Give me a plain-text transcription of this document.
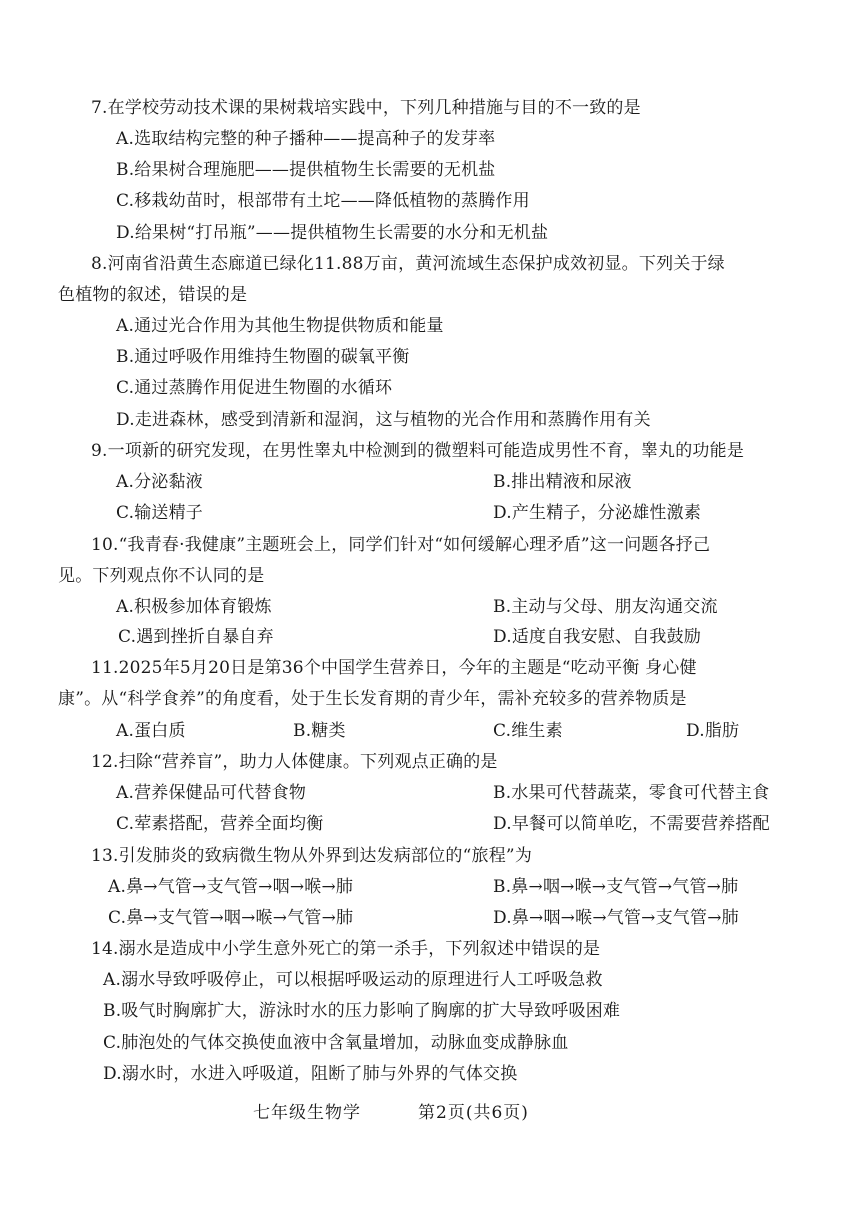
7.在学校劳动技术课的果树栽培实践中，下列几种措施与目的不一致的是
A.选取结构完整的种子播种——提高种子的发芽率
B.给果树合理施肥——提供植物生长需要的无机盐
C.移栽幼苗时，根部带有土坨——降低植物的蒸腾作用
D.给果树“打吊瓶”——提供植物生长需要的水分和无机盐
8.河南省沿黄生态廊道已绿化11.88万亩，黄河流域生态保护成效初显。下列关于绿
色植物的叙述，错误的是
A.通过光合作用为其他生物提供物质和能量
B.通过呼吸作用维持生物圈的碳氧平衡
C.通过蒸腾作用促进生物圈的水循环
D.走进森林，感受到清新和湿润，这与植物的光合作用和蒸腾作用有关
9.一项新的研究发现，在男性睾丸中检测到的微塑料可能造成男性不育，睾丸的功能是
A.分泌黏液	B.排出精液和尿液
C.输送精子	D.产生精子，分泌雄性激素
10.“我青春·我健康”主题班会上，同学们针对“如何缓解心理矛盾”这一问题各抒己
见。下列观点你不认同的是
A.积极参加体育锻炼	B.主动与父母、朋友沟通交流
C.遇到挫折自暴自弃	D.适度自我安慰、自我鼓励
11.2025年5月20日是第36个中国学生营养日，今年的主题是“吃动平衡 身心健
康”。从“科学食养”的角度看，处于生长发育期的青少年，需补充较多的营养物质是
A.蛋白质	B.糖类	C.维生素	D.脂肪
12.扫除“营养盲”，助力人体健康。下列观点正确的是
A.营养保健品可代替食物	B.水果可代替蔬菜，零食可代替主食
C.荤素搭配，营养全面均衡	D.早餐可以简单吃，不需要营养搭配
13.引发肺炎的致病微生物从外界到达发病部位的“旅程”为
A.鼻→气管→支气管→咽→喉→肺	B.鼻→咽→喉→支气管→气管→肺
C.鼻→支气管→咽→喉→气管→肺	D.鼻→咽→喉→气管→支气管→肺
14.溺水是造成中小学生意外死亡的第一杀手，下列叙述中错误的是
A.溺水导致呼吸停止，可以根据呼吸运动的原理进行人工呼吸急救
B.吸气时胸廓扩大，游泳时水的压力影响了胸廓的扩大导致呼吸困难
C.肺泡处的气体交换使血液中含氧量增加，动脉血变成静脉血
D.溺水时，水进入呼吸道，阻断了肺与外界的气体交换
七年级生物学	第2页(共6页)
